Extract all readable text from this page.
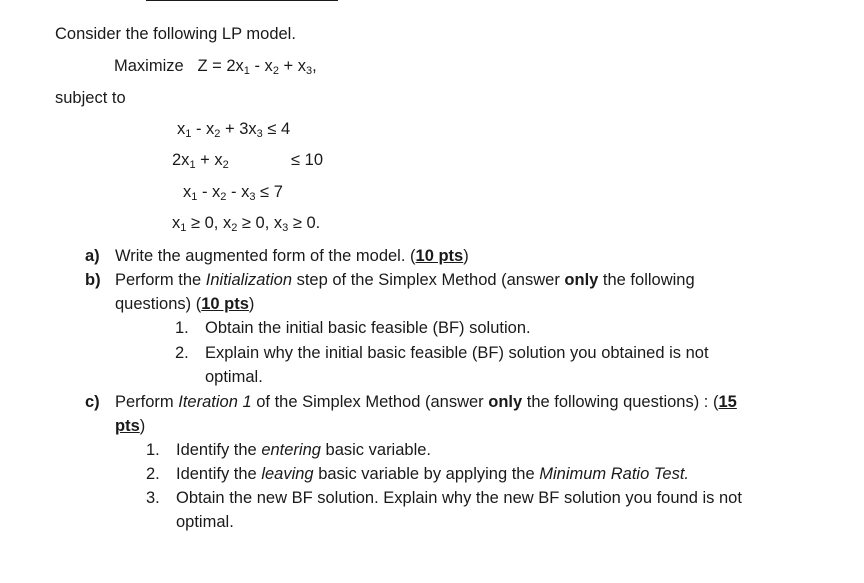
Consider the following LP model.
Maximize $Z = 2x_1 - x_2 + x_3$,
subject to
$x_1 - x_2 + 3x_3 \le 4$
$2x_1 + x_2$	≤ 10
$x_1 - x_2 - x_3 \le 7$
$x_1 \ge 0$, $x_2 \ge 0$, $x_3 \ge 0$.
a) Write the augmented form of the model. (10 pts)
b) Perform the Initialization step of the Simplex Method (answer only the following
questions) (10 pts)
1. Obtain the initial basic feasible (BF) solution.
2. Explain why the initial basic feasible (BF) solution you obtained is not
optimal.
c) Perform Iteration 1 of the Simplex Method (answer only the following questions) : (15
pts)
1. Identify the entering basic variable.
2. Identify the leaving basic variable by applying the Minimum Ratio Test.
3. Obtain the new BF solution. Explain why the new BF solution you found is not
optimal.
